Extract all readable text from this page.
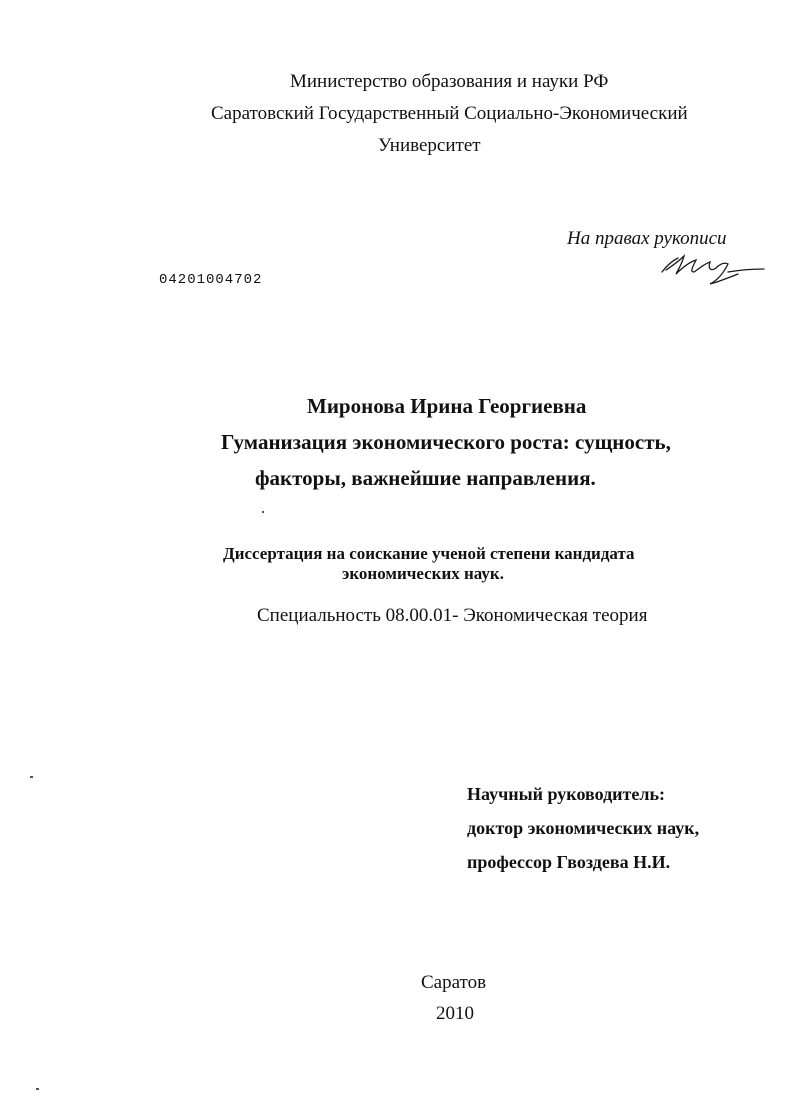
Министерство образования и науки РФ
Саратовский Государственный Социально-Экономический
Университет
На правах рукописи
04201004702
Миронова Ирина Георгиевна
Гуманизация экономического роста: сущность,
факторы, важнейшие направления.
Диссертация на соискание ученой степени кандидата
экономических наук.
Специальность 08.00.01- Экономическая теория
Научный руководитель:
доктор экономических наук,
профессор Гвоздева Н.И.
Саратов
2010
